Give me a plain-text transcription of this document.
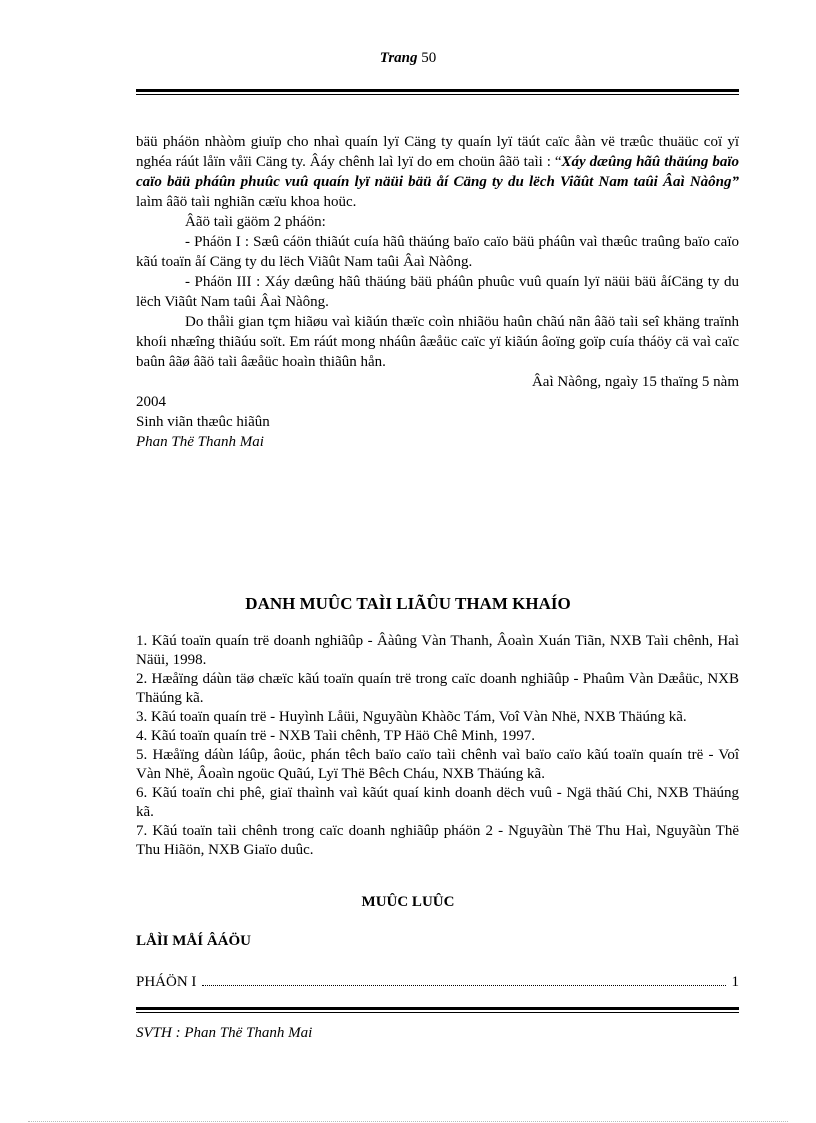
Trang 50

bäü pháön nhàòm giuïp cho nhaì quaín lyï Cäng ty quaín lyï täút caïc åàn vë træûc thuäüc coï yï nghéa ráút låïn våïi Cäng ty. Âáy chênh laì lyï do em choün âãö taìi : “Xáy dæûng hãû thäúng baïo caïo bäü pháûn phuûc vuû quaín lyï näüi bäü åí Cäng ty du lëch Viãût Nam taûi Âaì Nàông” laìm âãö taìi nghiãn cæïu khoa hoüc.

Âãö taìi gäöm 2 pháön:

- Pháön I : Sæû cáön thiãút cuía hãû thäúng baïo caïo bäü pháûn vaì thæûc traûng baïo caïo kãú toaïn åí Cäng ty du lëch Viãût Nam taûi Âaì Nàông.

- Pháön III : Xáy dæûng hãû thäúng bäü pháûn phuûc vuû quaín lyï näüi bäü åíCäng ty du lëch Viãût Nam taûi Âaì Nàông.

Do thåìi gian tçm hiãøu vaì kiãún thæïc coìn nhiãöu haûn chãú nãn âãö taìi seî khäng traïnh khoíi nhæîng thiãúu soït. Em ráút mong nháûn âæåüc caïc yï kiãún âoïng goïp cuía tháöy cä vaì caïc baûn âãø âãö taìi âæåüc hoaìn thiãûn hån.

Âaì Nàông, ngaìy 15 thaïng 5 nàm

2004

Sinh viãn thæûc hiãûn

Phan Thë Thanh Mai

DANH MUÛC TAÌI LIÃÛU THAM KHAÍO

1. Kãú toaïn quaín trë doanh nghiãûp - Âàûng Vàn Thanh, Âoaìn Xuán Tiãn, NXB Taìi chênh, Haì Näüi, 1998.

2. Hæåïng dáùn täø chæïc kãú toaïn quaín trë trong caïc doanh nghiãûp - Phaûm Vàn Dæåüc, NXB Thäúng kã.

3. Kãú toaïn quaín trë - Huyình Låüi, Nguyãùn Khàõc Tám, Voî Vàn Nhë, NXB Thäúng kã.

4. Kãú toaïn quaín trë - NXB Taìi chênh, TP Häö Chê Minh, 1997.

5. Hæåïng dáùn láûp, âoüc, phán têch baïo caïo taìi chênh vaì baïo caïo kãú toaïn quaín trë - Voî Vàn Nhë, Âoaìn ngoüc Quãú, Lyï Thë Bêch Cháu, NXB Thäúng kã.

6. Kãú toaïn chi phê, giaï thaình vaì kãút quaí kinh doanh dëch vuû - Ngä thãú Chi, NXB Thäúng kã.

7. Kãú toaïn taìi chênh trong caïc doanh nghiãûp pháön 2 - Nguyãùn Thë Thu Haì, Nguyãùn Thë Thu Hiãön, NXB Giaïo duûc.

MUÛC LUÛC
LÅÌI MÅÍ ÂÁÖU
PHÁÖN I	1
SVTH : Phan Thë Thanh Mai
